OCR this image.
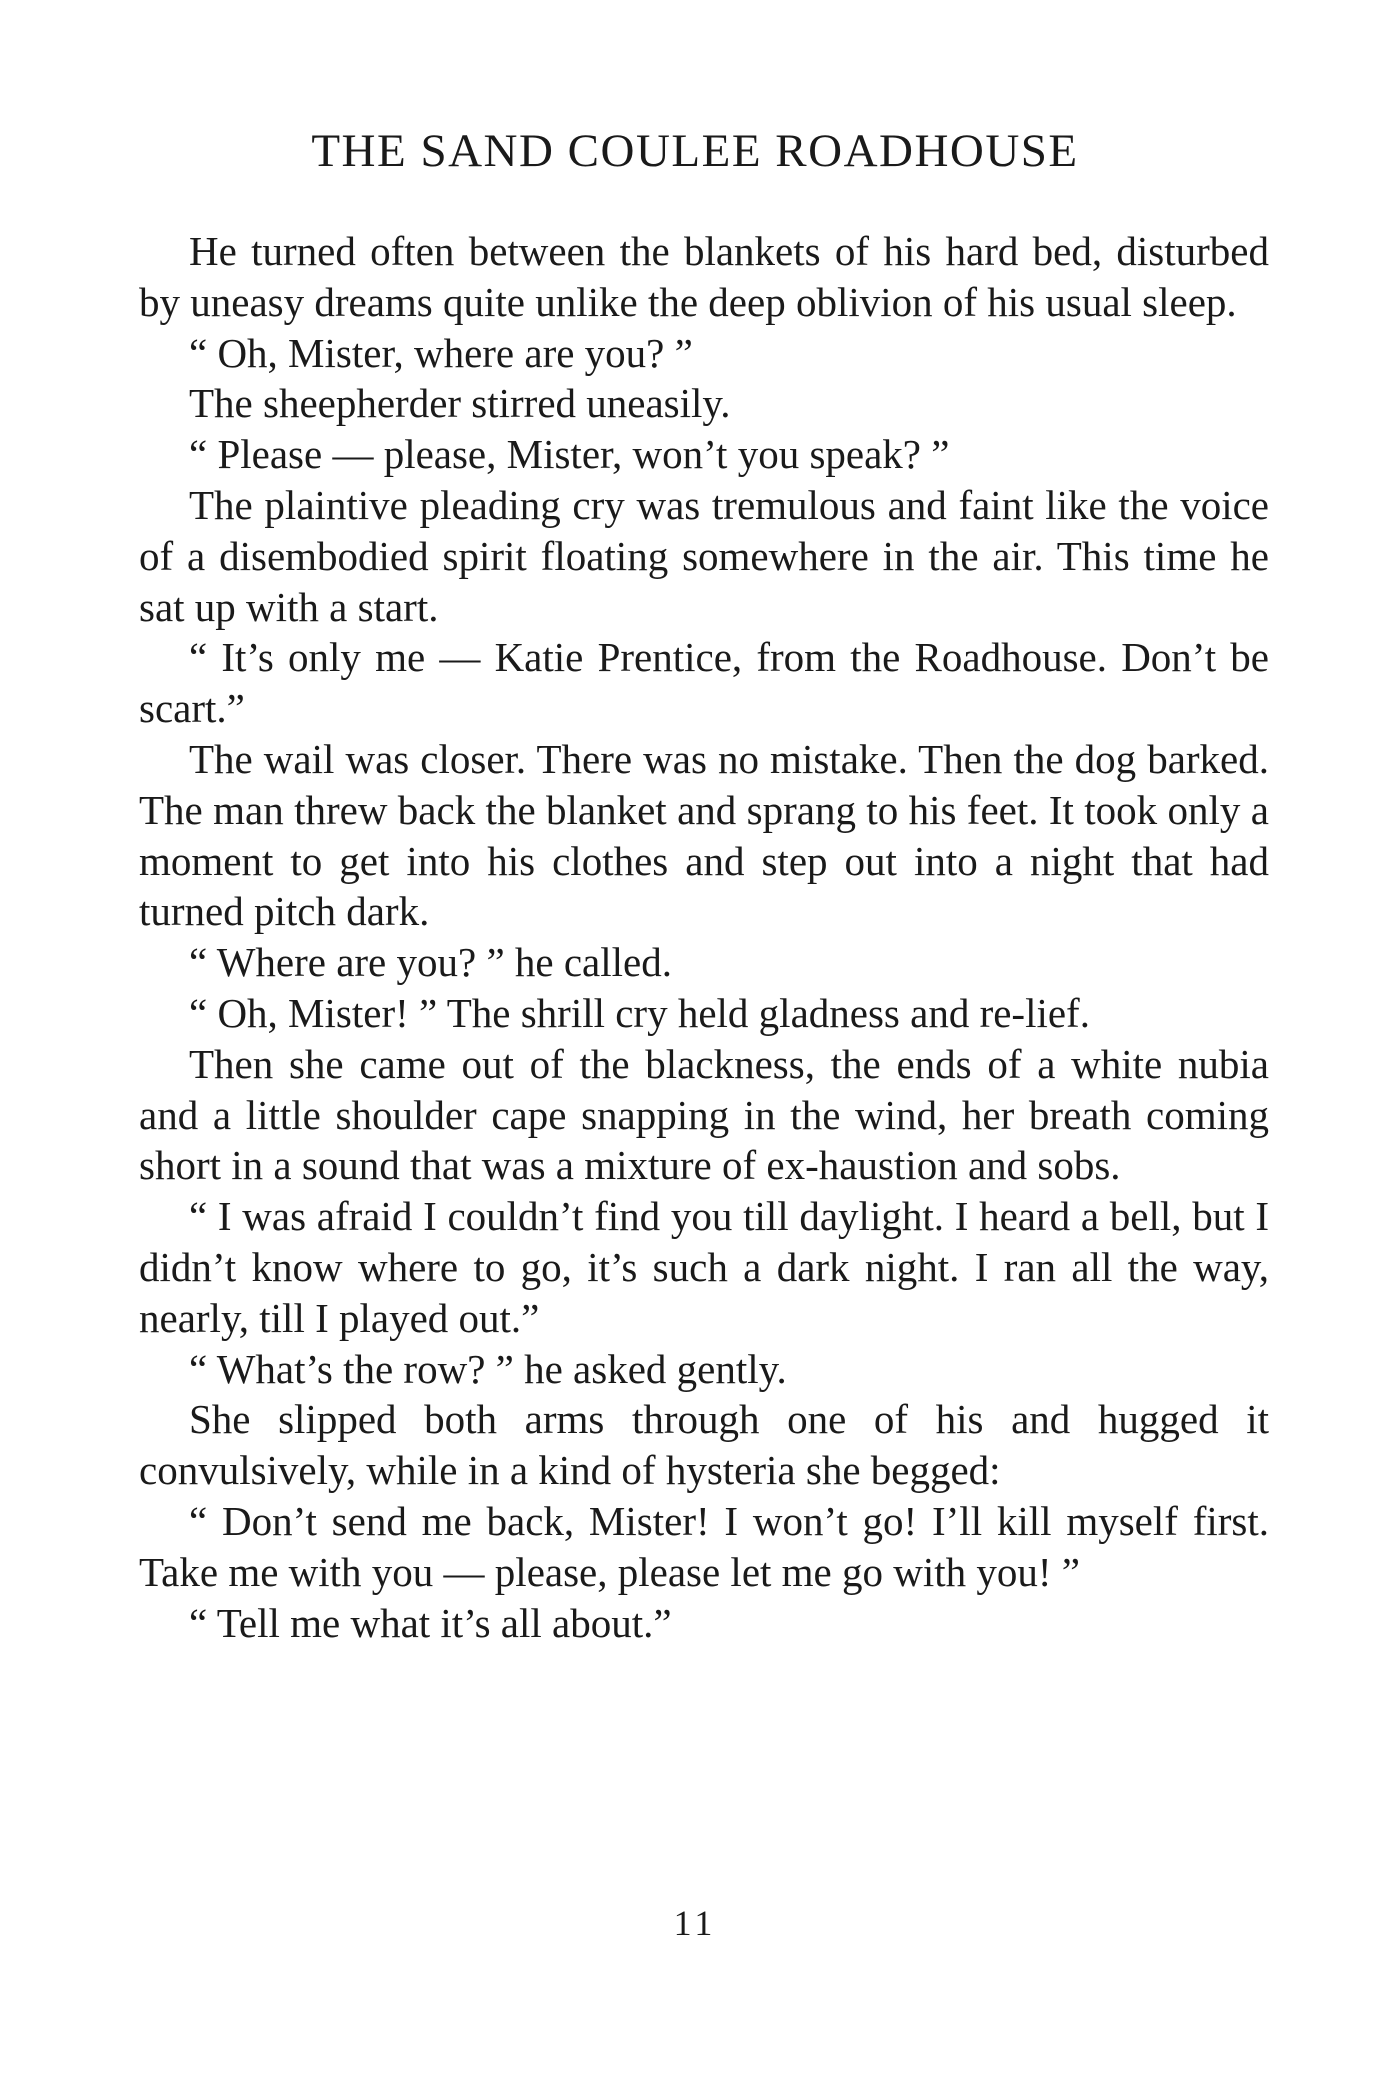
THE SAND COULEE ROADHOUSE

He turned often between the blankets of his hard bed, disturbed by uneasy dreams quite unlike the deep oblivion of his usual sleep.

“ Oh, Mister, where are you? ”

The sheepherder stirred uneasily.

“ Please — please, Mister, won’t you speak? ”

The plaintive pleading cry was tremulous and faint like the voice of a disembodied spirit floating somewhere in the air. This time he sat up with a start.

“ It’s only me — Katie Prentice, from the Roadhouse. Don’t be scart.”

The wail was closer. There was no mistake. Then the dog barked. The man threw back the blanket and sprang to his feet. It took only a moment to get into his clothes and step out into a night that had turned pitch dark.

“ Where are you? ” he called.

“ Oh, Mister! ” The shrill cry held gladness and re-lief.

Then she came out of the blackness, the ends of a white nubia and a little shoulder cape snapping in the wind, her breath coming short in a sound that was a mixture of ex-haustion and sobs.

“ I was afraid I couldn’t find you till daylight. I heard a bell, but I didn’t know where to go, it’s such a dark night. I ran all the way, nearly, till I played out.”

“ What’s the row? ” he asked gently.

She slipped both arms through one of his and hugged it convulsively, while in a kind of hysteria she begged:

“ Don’t send me back, Mister! I won’t go! I’ll kill myself first. Take me with you — please, please let me go with you! ”

“ Tell me what it’s all about.”

11
